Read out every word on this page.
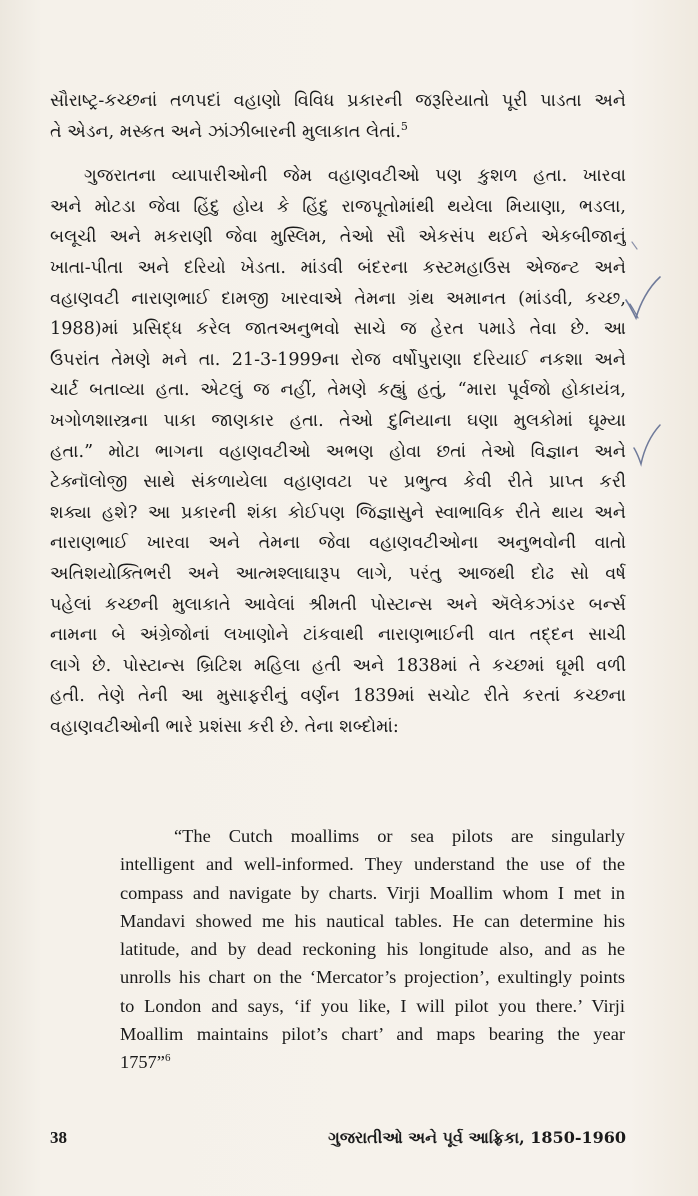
સૌરાષ્ટ્ર-કચ્છનાં તળપદાં વહાણો વિવિધ પ્રકારની જરૂરિયાતો પૂરી પાડતા અને
તે એડન, મસ્કત અને ઝાંઝીબારની મુલાકાત લેતાં.$^5$
ગુજરાતના વ્યાપારીઓની જેમ વહાણવટીઓ પણ કુશળ હતા. ખારવા
અને મોટડા જેવા હિંદુ હોય કે હિંદુ રાજપૂતોમાંથી થયેલા મિયાણા, ભડલા,
બલૂચી અને મકરાણી જેવા મુસ્લિમ, તેઓ સૌ એકસંપ થઈને એકબીજાનું
ખાતા-પીતા અને દરિયો ખેડતા. માંડવી બંદરના કસ્ટમહાઉસ એજન્ટ અને
વહાણવટી નારાણભાઈ દામજી ખારવાએ તેમના ગ્રંથ અમાનત (માંડવી, કચ્છ,
1988)માં પ્રસિદ્ધ કરેલ જાતઅનુભવો સાચે જ હેરત પમાડે તેવા છે. આ
ઉપરાંત તેમણે મને તા. 21-3-1999ના રોજ વર્ષોપુરાણા દરિયાઈ નકશા અને
ચાર્ટ બતાવ્યા હતા. એટલું જ નહીં, તેમણે કહ્યું હતું, “મારા પૂર્વજો હોકાયંત્ર,
ખગોળશાસ્ત્રના પાકા જાણકાર હતા. તેઓ દુનિયાના ઘણા મુલકોમાં ઘૂમ્યા
હતા.” મોટા ભાગના વહાણવટીઓ અભણ હોવા છતાં તેઓ વિજ્ઞાન અને
ટેક્નૉલોજી સાથે સંકળાયેલા વહાણવટા પર પ્રભુત્વ કેવી રીતે પ્રાપ્ત કરી
શક્યા હશે? આ પ્રકારની શંકા કોઈપણ જિજ્ઞાસુને સ્વાભાવિક રીતે થાય અને
નારાણભાઈ ખારવા અને તેમના જેવા વહાણવટીઓના અનુભવોની વાતો
અતિશયોક્તિભરી અને આત્મશ્લાઘારૂપ લાગે, પરંતુ આજથી દોઢ સો વર્ષ
પહેલાં કચ્છની મુલાકાતે આવેલાં શ્રીમતી પોસ્ટાન્સ અને ઍલેકઝાંડર બર્ન્સ
નામના બે અંગ્રેજોનાં લખાણોને ટાંકવાથી નારાણભાઈની વાત તદ્દન સાચી
લાગે છે. પોસ્ટાન્સ બ્રિટિશ મહિલા હતી અને 1838માં તે કચ્છમાં ઘૂમી વળી
હતી. તેણે તેની આ મુસાફરીનું વર્ણન 1839માં સચોટ રીતે કરતાં કચ્છના
વહાણવટીઓની ભારે પ્રશંસા કરી છે. તેના શબ્દોમાં:
“The Cutch moallims or sea pilots are singularly
intelligent and well-informed. They understand the use of the
compass and navigate by charts. Virji Moallim whom I met in
Mandavi showed me his nautical tables. He can determine his
latitude, and by dead reckoning his longitude also, and as he
unrolls his chart on the ‘Mercator’s projection’, exultingly points
to London and says, ‘if you like, I will pilot you there.’ Virji
Moallim maintains pilot’s chart’ and maps bearing the year
1757”$^6$
38	ગુજરાતીઓ અને પૂર્વ આફ્રિકા, 1850-1960
